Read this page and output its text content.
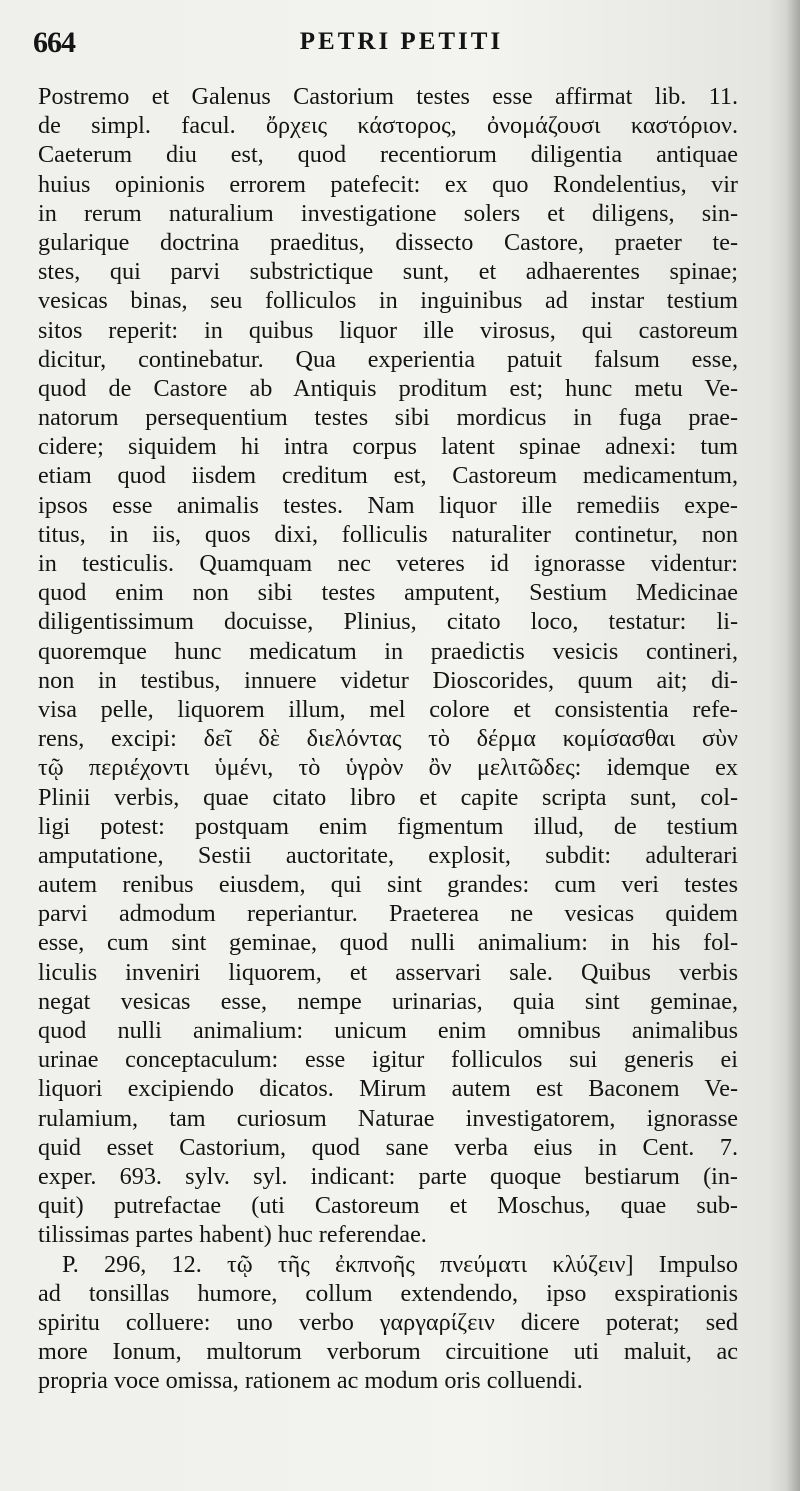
664	PETRI PETITI
Postremo et Galenus Castorium testes esse affirmat lib. 11.
de simpl. facul. ὄρχεις κάστορος, ὀνομάζουσι καστόριον.
Caeterum diu est, quod recentiorum diligentia antiquae
huius opinionis errorem patefecit: ex quo Rondelentius, vir
in rerum naturalium investigatione solers et diligens, sin-
gularique doctrina praeditus, dissecto Castore, praeter te-
stes, qui parvi substrictique sunt, et adhaerentes spinae;
vesicas binas, seu folliculos in inguinibus ad instar testium
sitos reperit: in quibus liquor ille virosus, qui castoreum
dicitur, continebatur. Qua experientia patuit falsum esse,
quod de Castore ab Antiquis proditum est; hunc metu Ve-
natorum persequentium testes sibi mordicus in fuga prae-
cidere; siquidem hi intra corpus latent spinae adnexi: tum
etiam quod iisdem creditum est, Castoreum medicamentum,
ipsos esse animalis testes. Nam liquor ille remediis expe-
titus, in iis, quos dixi, folliculis naturaliter continetur, non
in testiculis. Quamquam nec veteres id ignorasse videntur:
quod enim non sibi testes amputent, Sestium Medicinae
diligentissimum docuisse, Plinius, citato loco, testatur: li-
quoremque hunc medicatum in praedictis vesicis contineri,
non in testibus, innuere videtur Dioscorides, quum ait; di-
visa pelle, liquorem illum, mel colore et consistentia refe-
rens, excipi: δεῖ δὲ διελόντας τὸ δέρμα κομίσασθαι σὺν
τῷ περιέχοντι ὑμένι, τὸ ὑγρὸν ὂν μελιτῶδες: idemque ex
Plinii verbis, quae citato libro et capite scripta sunt, col-
ligi potest: postquam enim figmentum illud, de testium
amputatione, Sestii auctoritate, explosit, subdit: adulterari
autem renibus eiusdem, qui sint grandes: cum veri testes
parvi admodum reperiantur. Praeterea ne vesicas quidem
esse, cum sint geminae, quod nulli animalium: in his fol-
liculis inveniri liquorem, et asservari sale. Quibus verbis
negat vesicas esse, nempe urinarias, quia sint geminae,
quod nulli animalium: unicum enim omnibus animalibus
urinae conceptaculum: esse igitur folliculos sui generis ei
liquori excipiendo dicatos. Mirum autem est Baconem Ve-
rulamium, tam curiosum Naturae investigatorem, ignorasse
quid esset Castorium, quod sane verba eius in Cent. 7.
exper. 693. sylv. syl. indicant: parte quoque bestiarum (in-
quit) putrefactae (uti Castoreum et Moschus, quae sub-
tilissimas partes habent) huc referendae.
P. 296, 12. τῷ τῆς ἐκπνοῆς πνεύματι κλύζειν] Impulso
ad tonsillas humore, collum extendendo, ipso exspirationis
spiritu colluere: uno verbo γαργαρίζειν dicere poterat; sed
more Ionum, multorum verborum circuitione uti maluit, ac
propria voce omissa, rationem ac modum oris colluendi.
